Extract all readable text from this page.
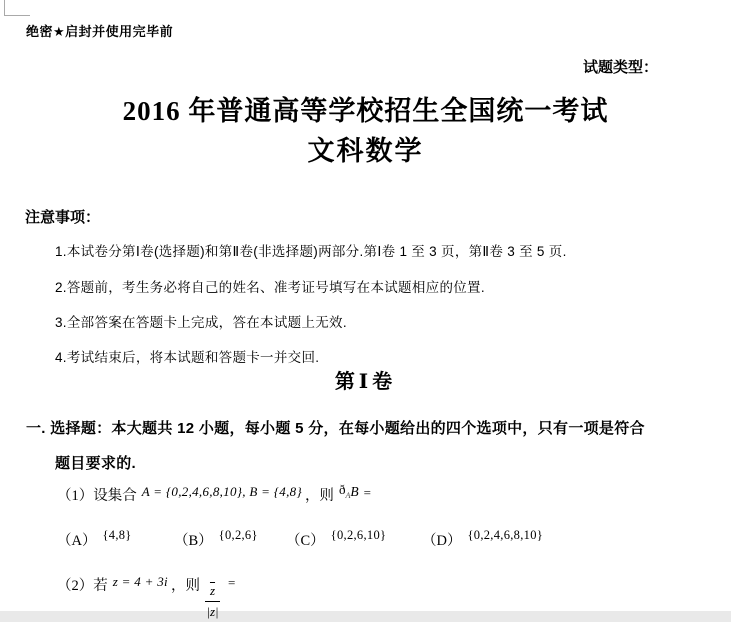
绝密★启封并使用完毕前
试题类型：
2016 年普通高等学校招生全国统一考试
文科数学
注意事项：
1.本试卷分第Ⅰ卷(选择题)和第Ⅱ卷(非选择题)两部分.第Ⅰ卷 1 至 3 页，第Ⅱ卷 3 至 5 页.
2.答题前，考生务必将自己的姓名、准考证号填写在本试题相应的位置.
3.全部答案在答题卡上完成，答在本试题上无效.
4.考试结束后，将本试题和答题卡一并交回.
第Ⅰ卷
一. 选择题：本大题共 12 小题，每小题 5 分，在每小题给出的四个选项中，只有一项是符合
题目要求的.
（1）设集合 A = {0,2,4,6,8,10}, B = {4,8} ，则 ðAB =
（A） {4,8}	（B） {0,2,6} （C） {0,2,6,10} （D） {0,2,4,6,8,10}
（2）若 z = 4 + 3i ，则 $\frac{\overline{z}}{|z|}$ =
